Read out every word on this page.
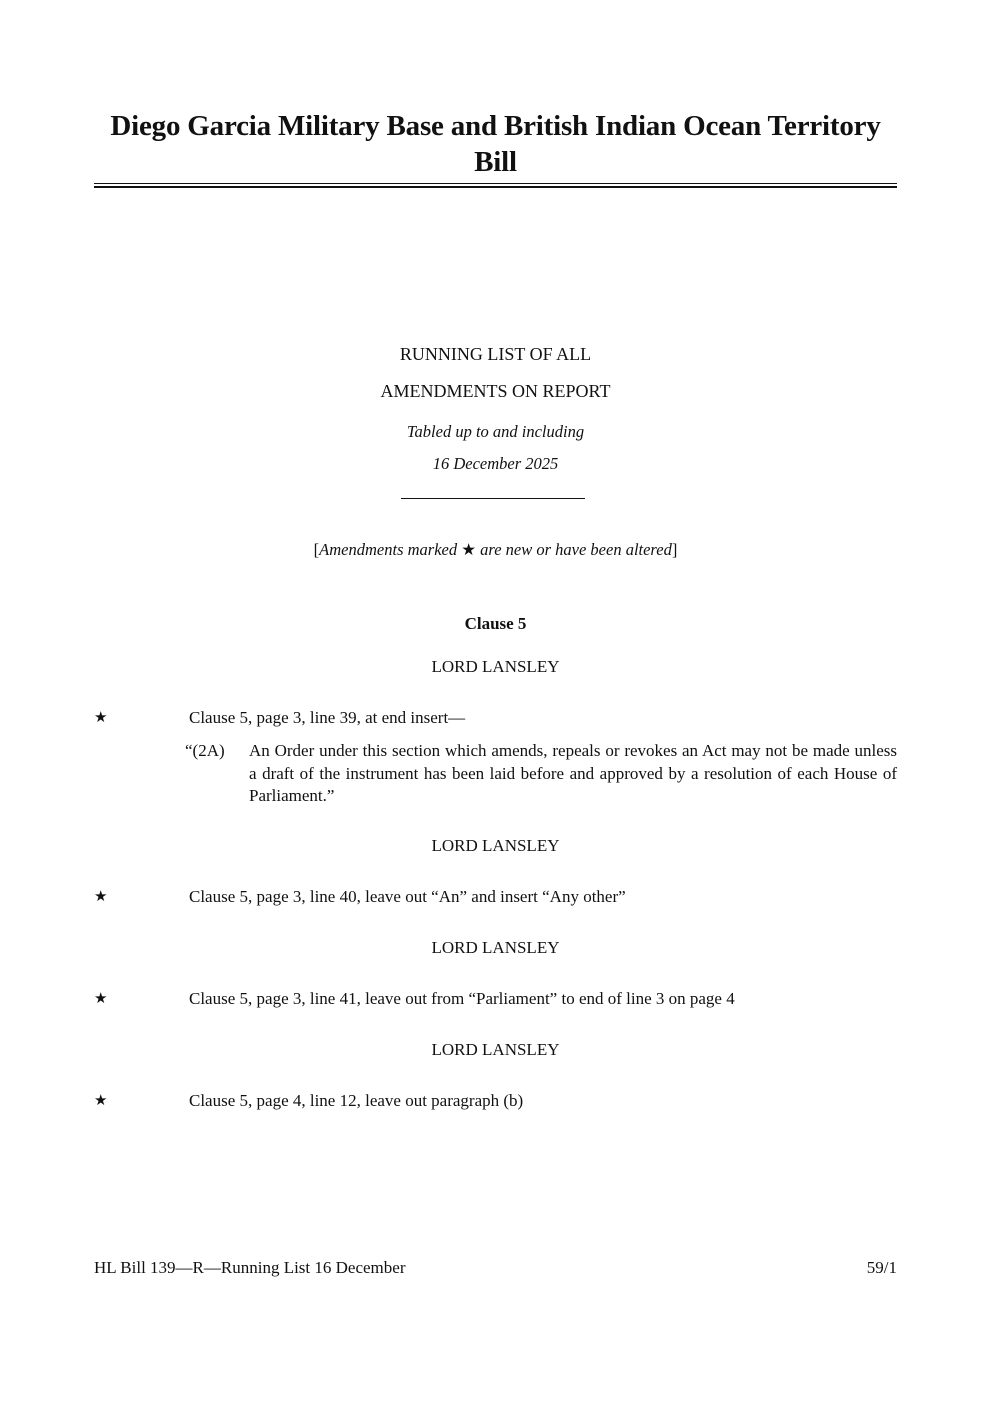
Diego Garcia Military Base and British Indian Ocean Territory Bill
RUNNING LIST OF ALL
AMENDMENTS ON REPORT
Tabled up to and including
16 December 2025
[Amendments marked ★ are new or have been altered]
Clause 5
LORD LANSLEY
★	Clause 5, page 3, line 39, at end insert—
“(2A) An Order under this section which amends, repeals or revokes an Act may not be made unless a draft of the instrument has been laid before and approved by a resolution of each House of Parliament.”
LORD LANSLEY
★	Clause 5, page 3, line 40, leave out “An” and insert “Any other”
LORD LANSLEY
★	Clause 5, page 3, line 41, leave out from “Parliament” to end of line 3 on page 4
LORD LANSLEY
★	Clause 5, page 4, line 12, leave out paragraph (b)
HL Bill 139—R—Running List 16 December	59/1
